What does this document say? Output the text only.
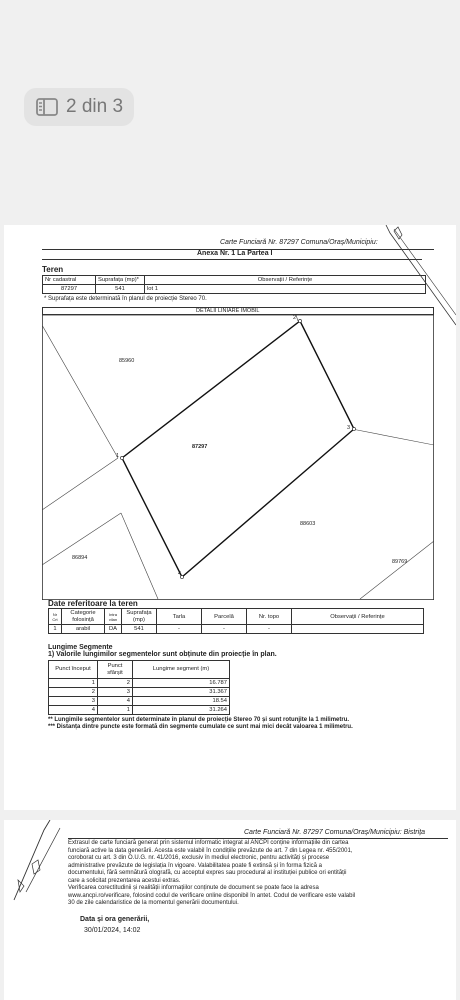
2 din 3
Carte Funciară Nr. 87297 Comuna/Oraș/Municipiu:
Anexa Nr. 1 La Partea I
Teren
Nr cadastral	Suprafața (mp)*	Observații / Referințe
87297	541	lot 1
* Suprafața este determinată în planul de proiecție Stereo 70.
DETALII LINIARE IMOBIL
85960
87297
88603
86894
89769
1
2
3
4
Date referitoare la teren
Nr Crt	Categorie folosință	Intra vilan	Suprafața (mp)	Tarla	Parcelă	Nr. topo	Observații / Referințe
1	arabil	DA	541	-	-	-	
Lungime Segmente
1) Valorile lungimilor segmentelor sunt obținute din proiecție în plan.
Punct început	Punct sfârșit	Lungime segment (m)
1	2	16.787
2	3	31.367
3	4	18.54
4	1	31.264
** Lungimile segmentelor sunt determinate în planul de proiecție Stereo 70 și sunt rotunjite la 1 milimetru.
*** Distanța dintre puncte este formată din segmente cumulate ce sunt mai mici decât valoarea 1 milimetru.
Carte Funciară Nr. 87297 Comuna/Oraș/Municipiu: Bistrița
Extrasul de carte funciară generat prin sistemul informatic integrat al ANCPI conține informațiile din cartea
funciară active la data generării. Acesta este valabil în condițiile prevăzute de art. 7 din Legea nr. 455/2001,
coroborat cu art. 3 din O.U.G. nr. 41/2016, exclusiv în mediul electronic, pentru activități și procese
administrative prevăzute de legislația în vigoare. Valabilitatea poate fi extinsă și în forma fizică a
documentului, fără semnătură olografă, cu acceptul expres sau procedural al instituției publice ori entității
care a solicitat prezentarea acestui extras.
Verificarea corectitudinii și realității informațiilor conținute de document se poate face la adresa
www.ancpi.ro/verificare, folosind codul de verificare online disponibil în antet. Codul de verificare este valabil
30 de zile calendaristice de la momentul generării documentului.
Data și ora generării,
30/01/2024, 14:02
